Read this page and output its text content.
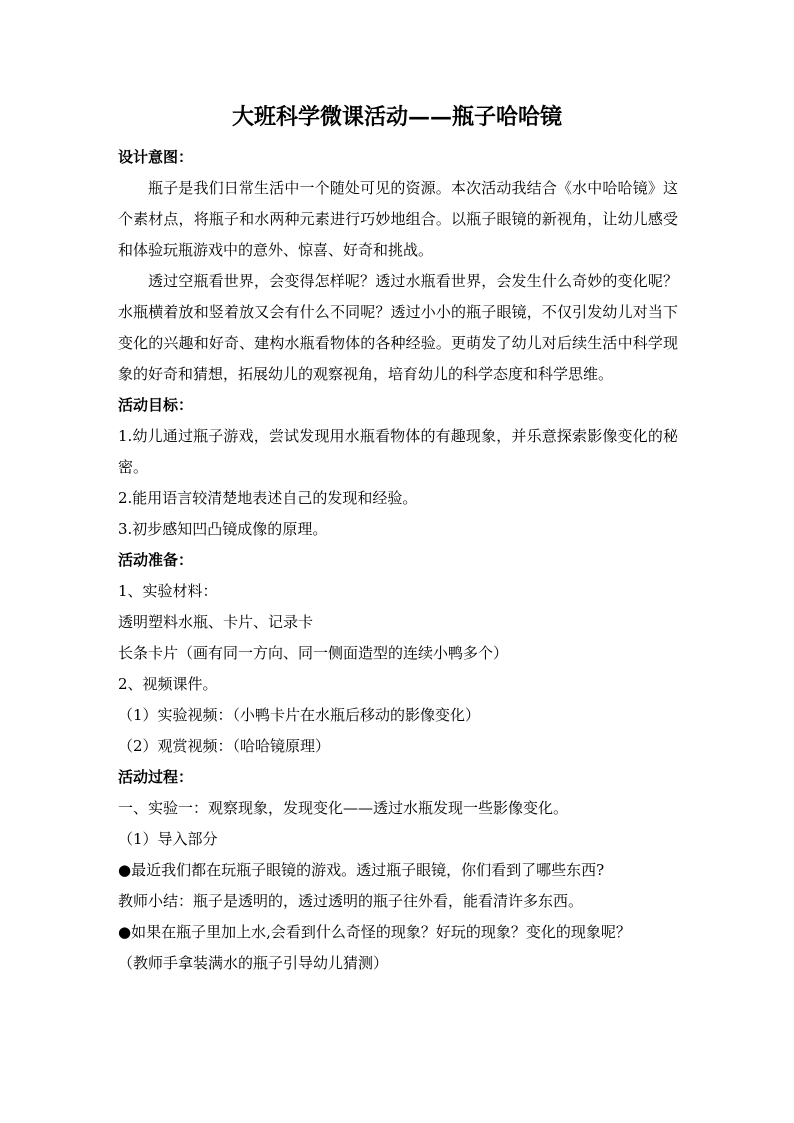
大班科学微课活动——瓶子哈哈镜

设计意图：

瓶子是我们日常生活中一个随处可见的资源。本次活动我结合《水中哈哈镜》这个素材点，将瓶子和水两种元素进行巧妙地组合。以瓶子眼镜的新视角，让幼儿感受和体验玩瓶游戏中的意外、惊喜、好奇和挑战。

透过空瓶看世界，会变得怎样呢？透过水瓶看世界，会发生什么奇妙的变化呢？水瓶横着放和竖着放又会有什么不同呢？透过小小的瓶子眼镜，不仅引发幼儿对当下变化的兴趣和好奇、建构水瓶看物体的各种经验。更萌发了幼儿对后续生活中科学现象的好奇和猜想，拓展幼儿的观察视角，培育幼儿的科学态度和科学思维。

活动目标：

1.幼儿通过瓶子游戏，尝试发现用水瓶看物体的有趣现象，并乐意探索影像变化的秘密。

2.能用语言较清楚地表述自己的发现和经验。

3.初步感知凹凸镜成像的原理。

活动准备：

1、实验材料：

透明塑料水瓶、卡片、记录卡

长条卡片（画有同一方向、同一侧面造型的连续小鸭多个）

2、视频课件。

（1）实验视频：（小鸭卡片在水瓶后移动的影像变化）

（2）观赏视频：（哈哈镜原理）

活动过程：

一、实验一：观察现象，发现变化——透过水瓶发现一些影像变化。

（1）导入部分

●最近我们都在玩瓶子眼镜的游戏。透过瓶子眼镜，你们看到了哪些东西?

教师小结：瓶子是透明的，透过透明的瓶子往外看，能看清许多东西。

●如果在瓶子里加上水,会看到什么奇怪的现象？好玩的现象？变化的现象呢？

（教师手拿装满水的瓶子引导幼儿猜测）
